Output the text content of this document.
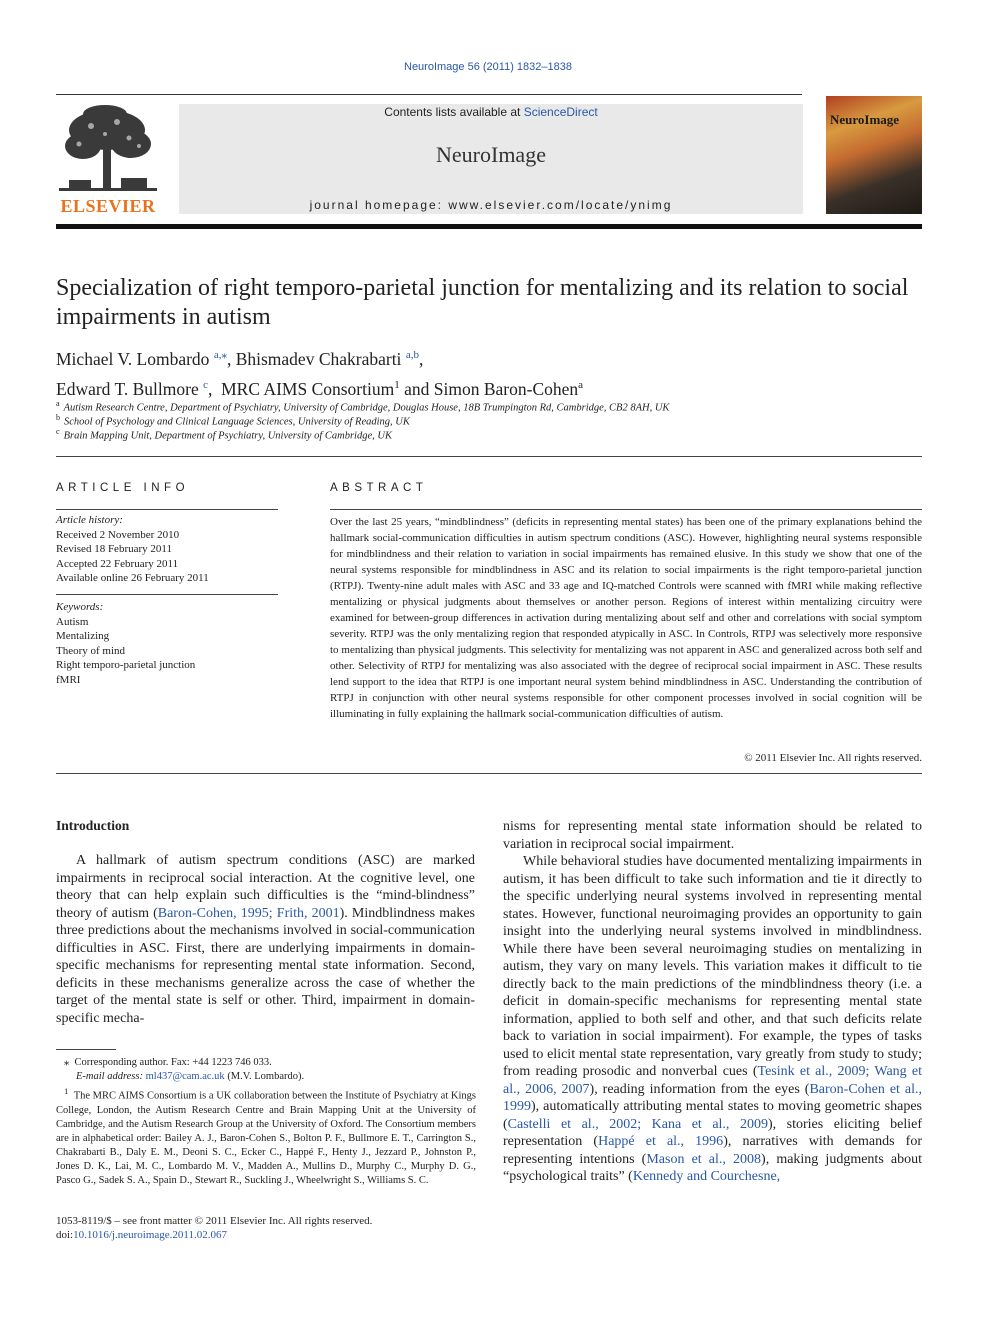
NeuroImage 56 (2011) 1832–1838
ELSEVIER
Contents lists available at ScienceDirect
NeuroImage
journal homepage: www.elsevier.com/locate/ynimg
NeuroImage
Specialization of right temporo-parietal junction for mentalizing and its relation to social impairments in autism
Michael V. Lombardo $^{a,⁎}$, Bhismadev Chakrabarti $^{a,b}$,
Edward T. Bullmore $^c$,  MRC AIMS Consortium$^1$ and Simon Baron-Cohen$^a$
$^a$ Autism Research Centre, Department of Psychiatry, University of Cambridge, Douglas House, 18B Trumpington Rd, Cambridge, CB2 8AH, UK
$^b$ School of Psychology and Clinical Language Sciences, University of Reading, UK
$^c$ Brain Mapping Unit, Department of Psychiatry, University of Cambridge, UK
ARTICLE INFO
Article history:
Received 2 November 2010
Revised 18 February 2011
Accepted 22 February 2011
Available online 26 February 2011
Keywords:
Autism
Mentalizing
Theory of mind
Right temporo-parietal junction
fMRI
ABSTRACT
Over the last 25 years, “mindblindness” (deficits in representing mental states) has been one of the primary explanations behind the hallmark social-communication difficulties in autism spectrum conditions (ASC). However, highlighting neural systems responsible for mindblindness and their relation to variation in social impairments has remained elusive. In this study we show that one of the neural systems responsible for mindblindness in ASC and its relation to social impairments is the right temporo-parietal junction (RTPJ). Twenty-nine adult males with ASC and 33 age and IQ-matched Controls were scanned with fMRI while making reflective mentalizing or physical judgments about themselves or another person. Regions of interest within mentalizing circuitry were examined for between-group differences in activation during mentalizing about self and other and correlations with social symptom severity. RTPJ was the only mentalizing region that responded atypically in ASC. In Controls, RTPJ was selectively more responsive to mentalizing than physical judgments. This selectivity for mentalizing was not apparent in ASC and generalized across both self and other. Selectivity of RTPJ for mentalizing was also associated with the degree of reciprocal social impairment in ASC. These results lend support to the idea that RTPJ is one important neural system behind mindblindness in ASC. Understanding the contribution of RTPJ in conjunction with other neural systems responsible for other component processes involved in social cognition will be illuminating in fully explaining the hallmark social-communication difficulties of autism.
© 2011 Elsevier Inc. All rights reserved.
Introduction

A hallmark of autism spectrum conditions (ASC) are marked impairments in reciprocal social interaction. At the cognitive level, one theory that can help explain such difficulties is the “mind-blindness” theory of autism (Baron-Cohen, 1995; Frith, 2001). Mindblindness makes three predictions about the mechanisms involved in social-communication difficulties in ASC. First, there are underlying impairments in domain-specific mechanisms for representing mental state information. Second, deficits in these mechanisms generalize across the case of whether the target of the mental state is self or other. Third, impairment in domain-specific mecha-

⁎ Corresponding author. Fax: +44 1223 746 033.

E-mail address: ml437@cam.ac.uk (M.V. Lombardo).

$^1$ The MRC AIMS Consortium is a UK collaboration between the Institute of Psychiatry at Kings College, London, the Autism Research Centre and Brain Mapping Unit at the University of Cambridge, and the Autism Research Group at the University of Oxford. The Consortium members are in alphabetical order: Bailey A. J., Baron-Cohen S., Bolton P. F., Bullmore E. T., Carrington S., Chakrabarti B., Daly E. M., Deoni S. C., Ecker C., Happé F., Henty J., Jezzard P., Johnston P., Jones D. K., Lai, M. C., Lombardo M. V., Madden A., Mullins D., Murphy C., Murphy D. G., Pasco G., Sadek S. A., Spain D., Stewart R., Suckling J., Wheelwright S., Williams S. C.

1053-8119/$ – see front matter © 2011 Elsevier Inc. All rights reserved.
doi:10.1016/j.neuroimage.2011.02.067

nisms for representing mental state information should be related to variation in reciprocal social impairment.

While behavioral studies have documented mentalizing impairments in autism, it has been difficult to take such information and tie it directly to the specific underlying neural systems involved in representing mental states. However, functional neuroimaging provides an opportunity to gain insight into the underlying neural systems involved in mindblindness. While there have been several neuroimaging studies on mentalizing in autism, they vary on many levels. This variation makes it difficult to tie directly back to the main predictions of the mindblindness theory (i.e. a deficit in domain-specific mechanisms for representing mental state information, applied to both self and other, and that such deficits relate back to variation in social impairment). For example, the types of tasks used to elicit mental state representation, vary greatly from study to study; from reading prosodic and nonverbal cues (Tesink et al., 2009; Wang et al., 2006, 2007), reading information from the eyes (Baron-Cohen et al., 1999), automatically attributing mental states to moving geometric shapes (Castelli et al., 2002; Kana et al., 2009), stories eliciting belief representation (Happé et al., 1996), narratives with demands for representing intentions (Mason et al., 2008), making judgments about “psychological traits” (Kennedy and Courchesne,
